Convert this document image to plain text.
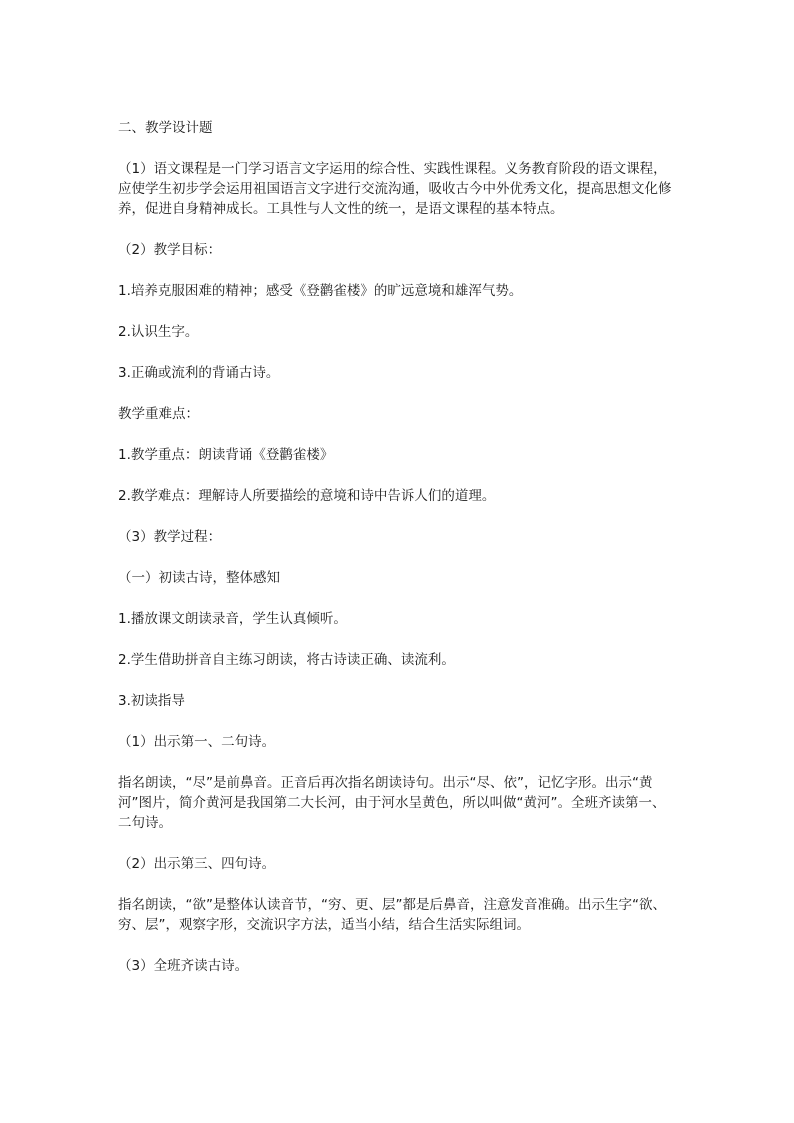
二、教学设计题

（1）语文课程是一门学习语言文字运用的综合性、实践性课程。义务教育阶段的语文课程，应使学生初步学会运用祖国语言文字进行交流沟通，吸收古今中外优秀文化，提高思想文化修养，促进自身精神成长。工具性与人文性的统一，是语文课程的基本特点。

（2）教学目标：

1.培养克服困难的精神；感受《登鹳雀楼》的旷远意境和雄浑气势。

2.认识生字。

3.正确或流利的背诵古诗。

教学重难点：

1.教学重点：朗读背诵《登鹳雀楼》

2.教学难点：理解诗人所要描绘的意境和诗中告诉人们的道理。

（3）教学过程：

（一）初读古诗，整体感知

1.播放课文朗读录音，学生认真倾听。

2.学生借助拼音自主练习朗读，将古诗读正确、读流利。

3.初读指导

（1）出示第一、二句诗。

指名朗读，“尽”是前鼻音。正音后再次指名朗读诗句。出示“尽、依”，记忆字形。出示“黄河”图片，简介黄河是我国第二大长河，由于河水呈黄色，所以叫做“黄河”。全班齐读第一、二句诗。

（2）出示第三、四句诗。

指名朗读，“欲”是整体认读音节，“穷、更、层”都是后鼻音，注意发音准确。出示生字“欲、穷、层”，观察字形，交流识字方法，适当小结，结合生活实际组词。

（3）全班齐读古诗。
